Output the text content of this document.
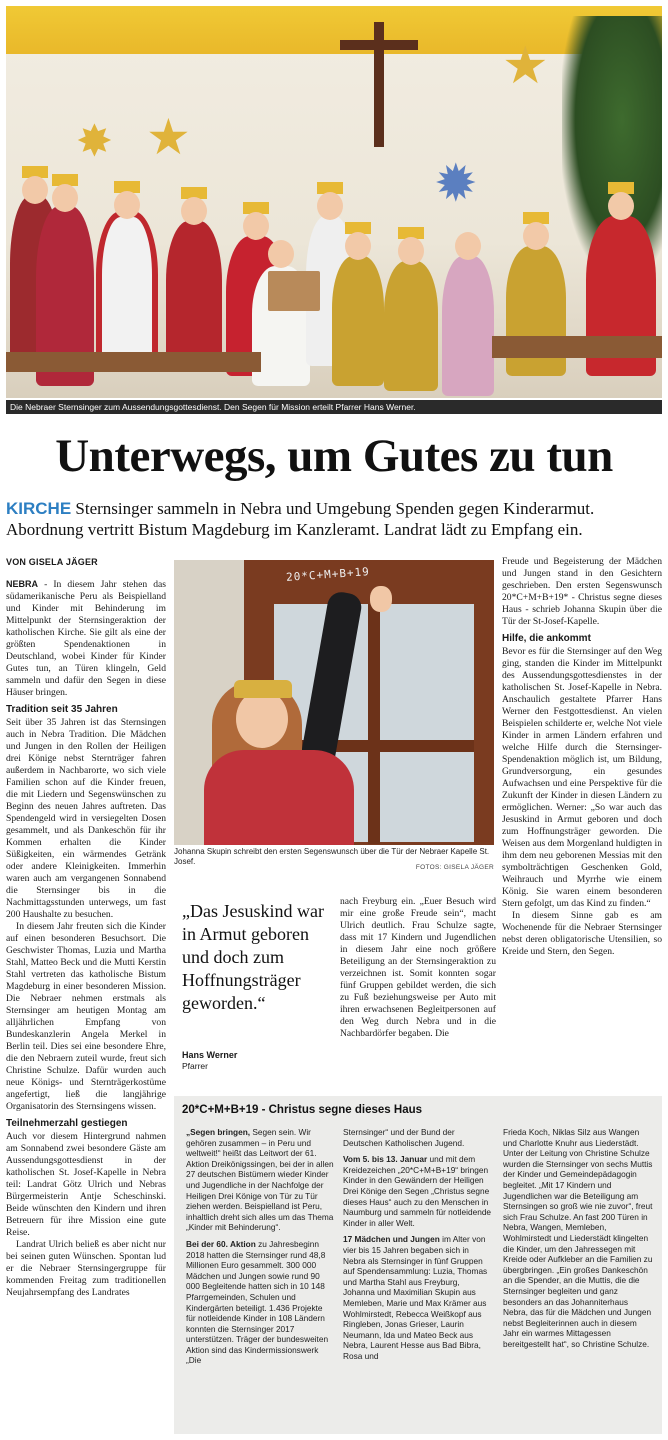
✸ ★
★
✹
Die Nebraer Sternsinger zum Aussendungsgottesdienst. Den Segen für Mission erteilt Pfarrer Hans Werner.
Unterwegs, um Gutes zu tun
KIRCHE Sternsinger sammeln in Nebra und Umgebung Spenden gegen Kinderarmut. Abordnung vertritt Bistum Magdeburg im Kanzleramt. Landrat lädt zu Empfang ein.
VON GISELA JÄGER

NEBRA - In diesem Jahr stehen das südamerikanische Peru als Beispielland und Kinder mit Behinderung im Mittelpunkt der Sternsingeraktion der katholischen Kirche. Sie gilt als eine der größten Spendenaktionen in Deutschland, wobei Kinder für Kinder Gutes tun, an Türen klingeln, Geld sammeln und dafür den Segen in diese Häuser bringen.

Tradition seit 35 Jahren

Seit über 35 Jahren ist das Sternsingen auch in Nebra Tradition. Die Mädchen und Jungen in den Rollen der Heiligen drei Könige nebst Sternträger fahren außerdem in Nachbarorte, wo sich viele Familien schon auf die Kinder freuen, die mit Liedern und Segenswünschen zu Beginn des neuen Jahres auftreten. Das Spendengeld wird in versiegelten Dosen gesammelt, und als Dankeschön für ihr Kommen erhalten die Kinder Süßigkeiten, ein wärmendes Getränk oder andere Kleinigkeiten. Immerhin waren auch am vergangenen Sonnabend die Sternsinger bis in die Nachmittagsstunden unterwegs, um fast 200 Haushalte zu besuchen.

In diesem Jahr freuten sich die Kinder auf einen besonderen Besuchsort. Die Geschwister Thomas, Luzia und Martha Stahl, Matteo Beck und die Mutti Kerstin Stahl vertreten das katholische Bistum Magdeburg in einer besonderen Mission. Die Nebraer nehmen erstmals als Sternsinger am heutigen Montag am alljährlichen Empfang von Bundeskanzlerin Angela Merkel in Berlin teil. Dies sei eine besondere Ehre, die den Nebraern zuteil wurde, freut sich Christine Schulze. Dafür wurden auch neue Königs- und Sternträgerkostüme angefertigt, ließ die langjährige Organisatorin des Sternsingens wissen.

Teilnehmerzahl gestiegen

Auch vor diesem Hintergrund nahmen am Sonnabend zwei besondere Gäste am Aussendungsgottesdienst in der katholischen St. Josef-Kapelle in Nebra teil: Landrat Götz Ulrich und Nebras Bürgermeisterin Antje Scheschinski. Beide wünschten den Kindern und ihren Betreuern für ihre Mission eine gute Reise.

Landrat Ulrich beließ es aber nicht nur bei seinen guten Wünschen. Spontan lud er die Nebraer Sternsingergruppe für kommenden Freitag zum traditionellen Neujahrsempfang des Landrates

20*C+M+B+19
Johanna Skupin schreibt den ersten Segenswunsch über die Tür der Nebraer Kapelle St. Josef.
FOTOS: GISELA JÄGER
„Das Jesuskind war in Armut geboren und doch zum Hoffnungsträger geworden.“
Hans Werner
Pfarrer

nach Freyburg ein. „Euer Besuch wird mir eine große Freude sein“, macht Ulrich deutlich. Frau Schulze sagte, dass mit 17 Kindern und Jugendlichen in diesem Jahr eine noch größere Beteiligung an der Sternsingeraktion zu verzeichnen ist. Somit konnten sogar fünf Gruppen gebildet werden, die sich zu Fuß beziehungsweise per Auto mit ihren erwachsenen Begleitpersonen auf den Weg durch Nebra und in die Nachbardörfer begaben. Die

Freude und Begeisterung der Mädchen und Jungen stand in den Gesichtern geschrieben. Den ersten Segenswunsch 20*C+M+B+19* - Christus segne dieses Haus - schrieb Johanna Skupin über die Tür der St-Josef-Kapelle.

Hilfe, die ankommt

Bevor es für die Sternsinger auf den Weg ging, standen die Kinder im Mittelpunkt des Aussendungsgottesdienstes in der katholischen St. Josef-Kapelle in Nebra. Anschaulich gestaltete Pfarrer Hans Werner den Festgottesdienst. An vielen Beispielen schilderte er, welche Not viele Kinder in armen Ländern erfahren und welche Hilfe durch die Sternsinger-Spendenaktion möglich ist, um Bildung, Grundversorgung, ein gesundes Aufwachsen und eine Perspektive für die Zukunft der Kinder in diesen Ländern zu ermöglichen. Werner: „So war auch das Jesuskind in Armut geboren und doch zum Hoffnungsträger geworden. Die Weisen aus dem Morgenland huldigten in ihm dem neu geborenen Messias mit den symbolträchtigen Geschenken Gold, Weihrauch und Myrrhe wie einem König. Sie waren einem besonderen Stern gefolgt, um das Kind zu finden.“

In diesem Sinne gab es am Wochenende für die Nebraer Sternsinger nebst deren obligatorische Utensilien, so Kreide und Stern, den Segen.

20*C+M+B+19 - Christus segne dieses Haus

„Segen bringen, Segen sein. Wir gehören zusammen – in Peru und weltweit!“ heißt das Leitwort der 61. Aktion Dreikönigssingen, bei der in allen 27 deutschen Bistümern wieder Kinder und Jugendliche in der Nachfolge der Heiligen Drei Könige von Tür zu Tür ziehen werden. Beispielland ist Peru, inhaltlich dreht sich alles um das Thema „Kinder mit Behinderung“.

Bei der 60. Aktion zu Jahresbeginn 2018 hatten die Sternsinger rund 48,8 Millionen Euro gesammelt. 300 000 Mädchen und Jungen sowie rund 90 000 Begleitende hatten sich in 10 148 Pfarrgemeinden, Schulen und Kindergärten beteiligt. 1.436 Projekte für notleidende Kinder in 108 Ländern konnten die Sternsinger 2017 unterstützen. Träger der bundesweiten Aktion sind das Kindermissionswerk „Die

Sternsinger“ und der Bund der Deutschen Katholischen Jugend.

Vom 5. bis 13. Januar und mit dem Kreidezeichen „20*C+M+B+19“ bringen Kinder in den Gewändern der Heiligen Drei Könige den Segen „Christus segne dieses Haus“ auch zu den Menschen in Naumburg und sammeln für notleidende Kinder in aller Welt.

17 Mädchen und Jungen im Alter von vier bis 15 Jahren begaben sich in Nebra als Sternsinger in fünf Gruppen auf Spendensammlung: Luzia, Thomas und Martha Stahl aus Freyburg, Johanna und Maximilian Skupin aus Memleben, Marie und Max Krämer aus Wohlmirstedt, Rebecca Weißkopf aus Ringleben, Jonas Grieser, Laurin Neumann, Ida und Mateo Beck aus Nebra, Laurent Hesse aus Bad Bibra, Rosa und

Frieda Koch, Niklas Silz aus Wangen und Charlotte Knuhr aus Liederstädt. Unter der Leitung von Christine Schulze wurden die Sternsinger von sechs Muttis der Kinder und Gemeindepädagogin begleitet. „Mit 17 Kindern und Jugendlichen war die Beteiligung am Sternsingen so groß wie nie zuvor“, freut sich Frau Schulze. An fast 200 Türen in Nebra, Wangen, Memleben, Wohlmirstedt und Liederstädt klingelten die Kinder, um den Jahressegen mit Kreide oder Aufkleber an die Familien zu übergbringen. „Ein großes Dankeschön an die Spender, an die Muttis, die die Sternsinger begleiten und ganz besonders an das Johanniterhaus Nebra, das für die Mädchen und Jungen nebst Begleiterinnen auch in diesem Jahr ein warmes Mittagessen bereitgestellt hat“, so Christine Schulze.
